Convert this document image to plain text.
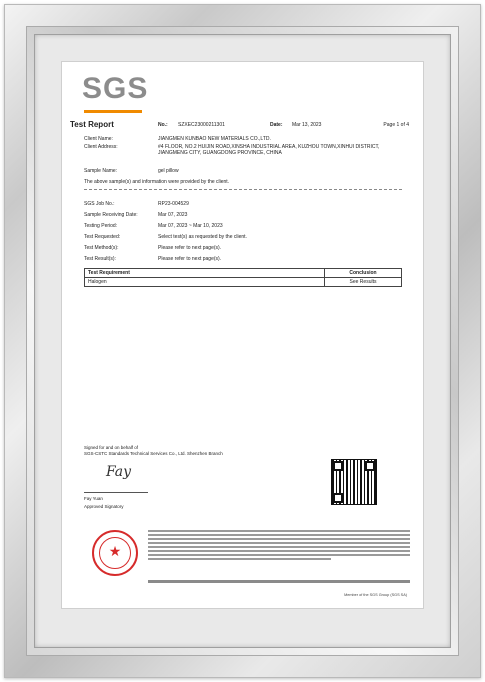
SGS
Test Report	No.: SZXEC23000211301	Date: Mar 13, 2023	Page 1 of 4
Client Name:	JIANGMEN KUNBAO NEW MATERIALS CO.,LTD.
Client Address:	#4 FLOOR, NO.2 HUIJIN ROAD,XINSHA INDUSTRIAL AREA, KUZHOU TOWN,XINHUI DISTRICT, JIANGMENG CITY, GUANGDONG PROVINCE, CHINA
Sample Name:	gel pillow
The above sample(s) and information were provided by the client.
SGS Job No.:	RP23-004529
Sample Receiving Date:	Mar 07, 2023
Testing Period:	Mar 07, 2023 ~ Mar 10, 2023
Test Requested:	Select test(s) as requested by the client.
Test Method(s):	Please refer to next page(s).
Test Result(s):	Please refer to next page(s).
Test Requirement	Conclusion
Halogen	See Results
Signed for and on behalf of
SGS-CSTC Standards Technical Services Co., Ltd. Shenzhen Branch
Fay
Fay Yuan
Approved Signatory
★
Member of the SGS Group (SGS SA)
